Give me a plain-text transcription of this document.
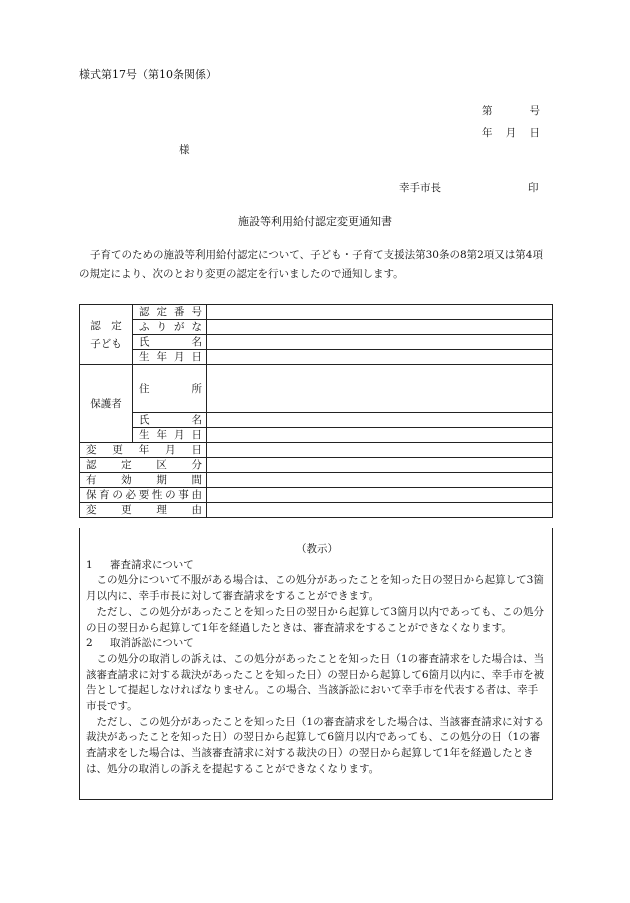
様式第17号（第10条関係）
第	号
年 月 日
様
幸手市長	印
施設等利用給付認定変更通知書
子育てのための施設等利用給付認定について、子ども・子育て支援法第30条の8第2項又は第4項の規定により、次のとおり変更の認定を行いましたので通知します。
認　定
子ども	認定番号	
	ふりがな	
	氏名	
	生年月日	
保護者	住所	
	氏名	
	生年月日	
変更年月日		
認定区分		
有効期間		
保育の必要性の事由		
変更理由		
（教示）
1 審査請求について
この処分について不服がある場合は、この処分があったことを知った日の翌日から起算して3箇月以内に、幸手市長に対して審査請求をすることができます。
ただし、この処分があったことを知った日の翌日から起算して3箇月以内であっても、この処分の日の翌日から起算して1年を経過したときは、審査請求をすることができなくなります。
2 取消訴訟について
この処分の取消しの訴えは、この処分があったことを知った日（1の審査請求をした場合は、当該審査請求に対する裁決があったことを知った日）の翌日から起算して6箇月以内に、幸手市を被告として提起しなければなりません。この場合、当該訴訟において幸手市を代表する者は、幸手市長です。
ただし、この処分があったことを知った日（1の審査請求をした場合は、当該審査請求に対する裁決があったことを知った日）の翌日から起算して6箇月以内であっても、この処分の日（1の審査請求をした場合は、当該審査請求に対する裁決の日）の翌日から起算して1年を経過したときは、処分の取消しの訴えを提起することができなくなります。
